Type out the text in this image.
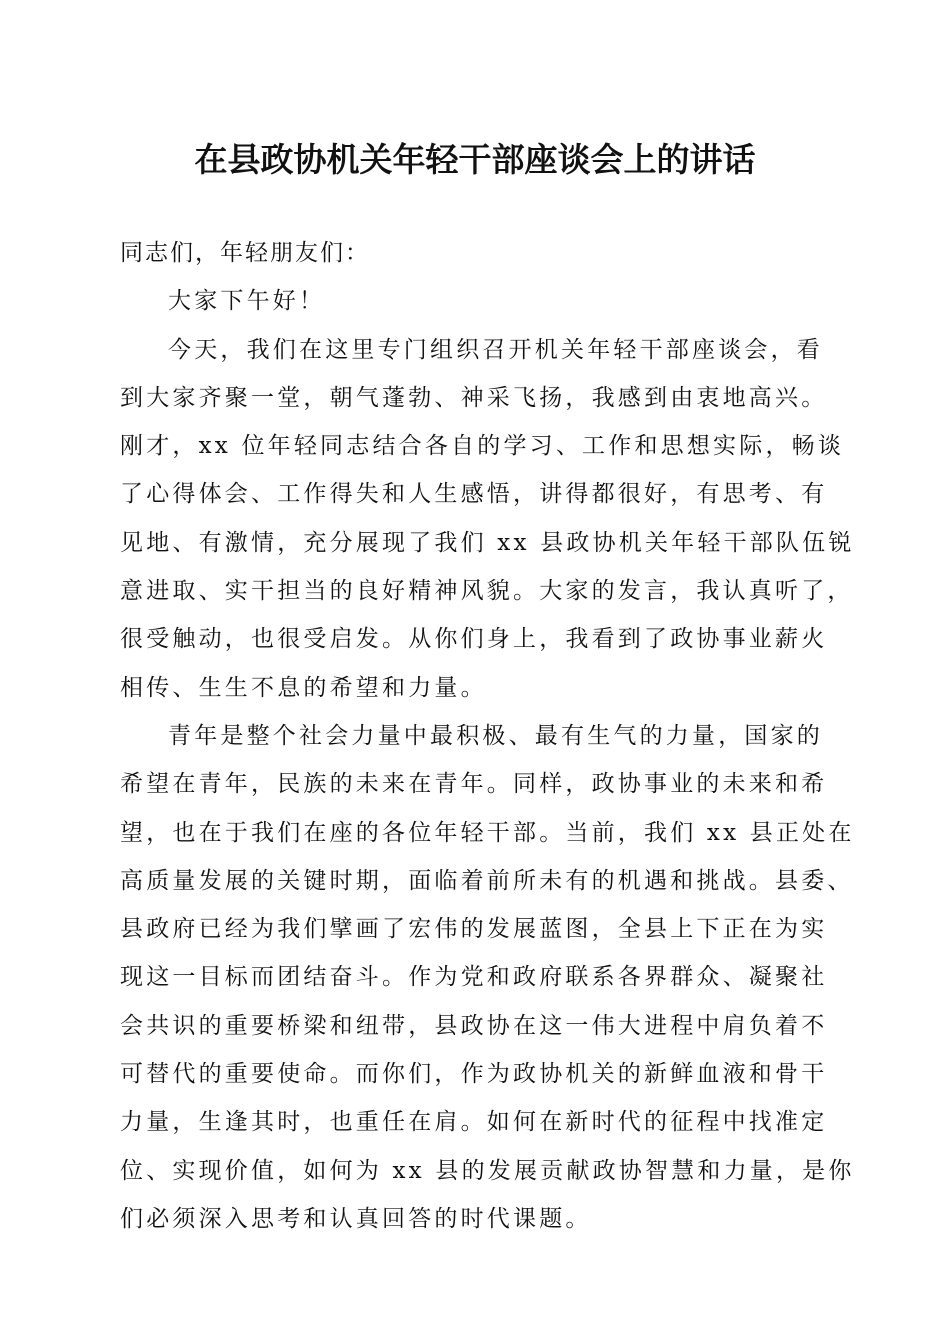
在县政协机关年轻干部座谈会上的讲话
同志们，年轻朋友们：
大家下午好！
今天，我们在这里专门组织召开机关年轻干部座谈会，看
到大家齐聚一堂，朝气蓬勃、神采飞扬，我感到由衷地高兴。
刚才，xx 位年轻同志结合各自的学习、工作和思想实际，畅谈
了心得体会、工作得失和人生感悟，讲得都很好，有思考、有
见地、有激情，充分展现了我们 xx 县政协机关年轻干部队伍锐
意进取、实干担当的良好精神风貌。大家的发言，我认真听了，
很受触动，也很受启发。从你们身上，我看到了政协事业薪火
相传、生生不息的希望和力量。
青年是整个社会力量中最积极、最有生气的力量，国家的
希望在青年，民族的未来在青年。同样，政协事业的未来和希
望，也在于我们在座的各位年轻干部。当前，我们 xx 县正处在
高质量发展的关键时期，面临着前所未有的机遇和挑战。县委、
县政府已经为我们擘画了宏伟的发展蓝图，全县上下正在为实
现这一目标而团结奋斗。作为党和政府联系各界群众、凝聚社
会共识的重要桥梁和纽带，县政协在这一伟大进程中肩负着不
可替代的重要使命。而你们，作为政协机关的新鲜血液和骨干
力量，生逢其时，也重任在肩。如何在新时代的征程中找准定
位、实现价值，如何为 xx 县的发展贡献政协智慧和力量，是你
们必须深入思考和认真回答的时代课题。
